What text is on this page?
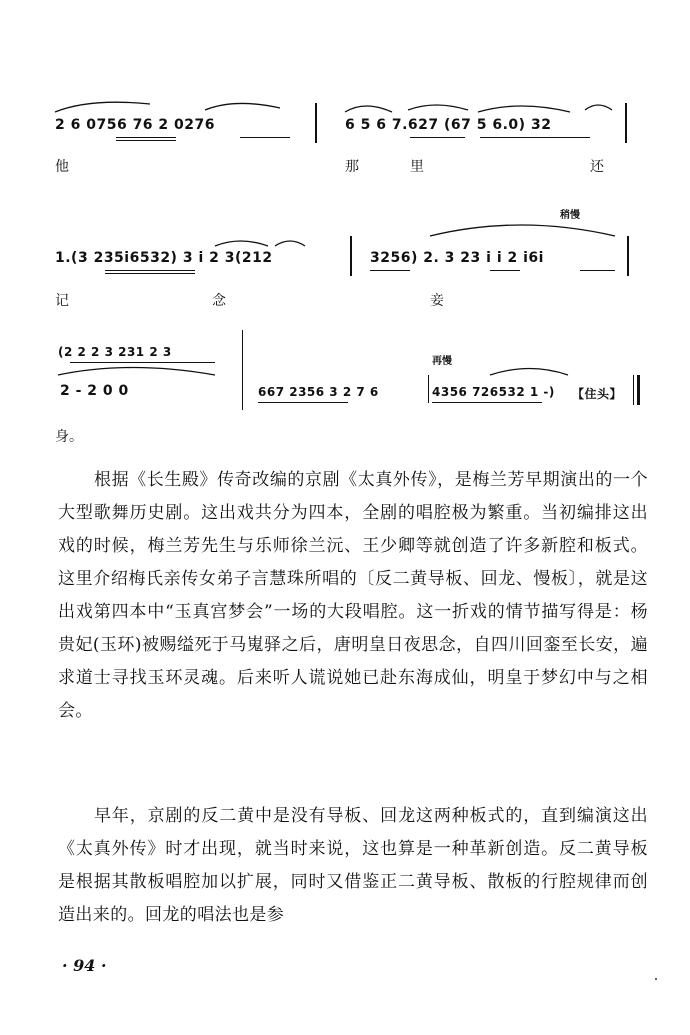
2 6 0756 76 2 0276	6 5 6 7.627 (67 5 6.0) 32
他	那	里	还
稍慢
1.(3 235i6532) 3 i 2 3(212	3256) 2. 3 23 i i 2 i6i
记	念	妾
(2 2 2 3 231 2 3
2 - 2 0 0	667 2356 3 2 7 6
再慢
4356 726532 1 -) 【住头】
身。

根据《长生殿》传奇改编的京剧《太真外传》，是梅兰芳早期演出的一个大型歌舞历史剧。这出戏共分为四本，全剧的唱腔极为繁重。当初编排这出戏的时候，梅兰芳先生与乐师徐兰沅、王少卿等就创造了许多新腔和板式。这里介绍梅氏亲传女弟子言慧珠所唱的〔反二黄导板、回龙、慢板〕，就是这出戏第四本中“玉真宫梦会”一场的大段唱腔。这一折戏的情节描写得是：杨贵妃(玉环)被赐缢死于马嵬驿之后，唐明皇日夜思念，自四川回銮至长安，遍求道士寻找玉环灵魂。后来听人谎说她已赴东海成仙，明皇于梦幻中与之相会。

早年，京剧的反二黄中是没有导板、回龙这两种板式的，直到编演这出《太真外传》时才出现，就当时来说，这也算是一种革新创造。反二黄导板是根据其散板唱腔加以扩展，同时又借鉴正二黄导板、散板的行腔规律而创造出来的。回龙的唱法也是参

· 94 ·
